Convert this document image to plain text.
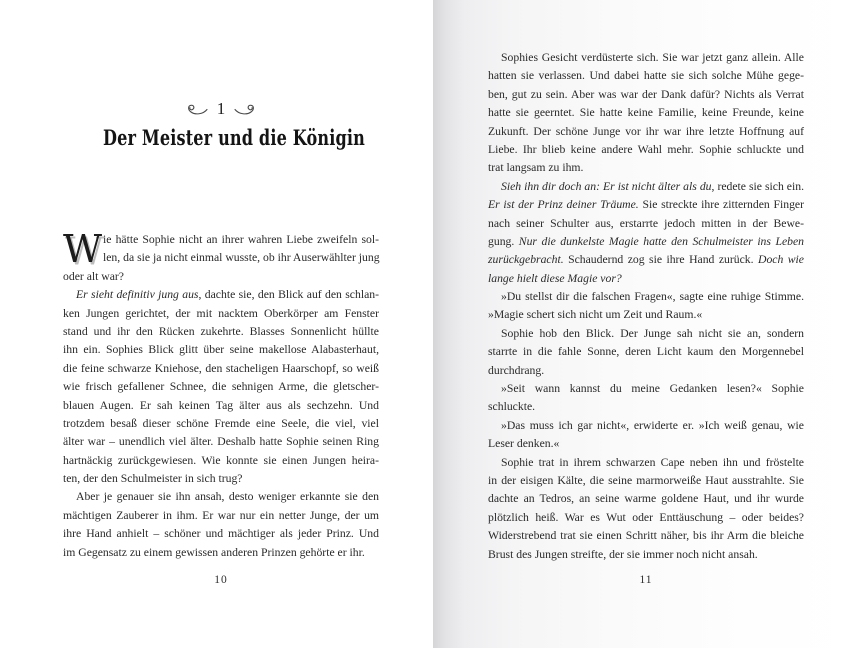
1
Der Meister und die Königin
W ie hätte Sophie nicht an ihrer wahren Liebe zweifeln sol-
len, da sie ja nicht einmal wusste, ob ihr Auserwählter jung
oder alt war?
Er sieht definitiv jung aus, dachte sie, den Blick auf den schlan-
ken Jungen gerichtet, der mit nacktem Oberkörper am Fenster
stand und ihr den Rücken zukehrte. Blasses Sonnenlicht hüllte
ihn ein. Sophies Blick glitt über seine makellose Alabasterhaut,
die feine schwarze Kniehose, den stacheligen Haarschopf, so weiß
wie frisch gefallener Schnee, die sehnigen Arme, die gletscher-
blauen Augen. Er sah keinen Tag älter aus als sechzehn. Und
trotzdem besaß dieser schöne Fremde eine Seele, die viel, viel
älter war – unendlich viel älter. Deshalb hatte Sophie seinen Ring
hartnäckig zurückgewiesen. Wie konnte sie einen Jungen heira-
ten, der den Schulmeister in sich trug?
Aber je genauer sie ihn ansah, desto weniger erkannte sie den
mächtigen Zauberer in ihm. Er war nur ein netter Junge, der um
ihre Hand anhielt – schöner und mächtiger als jeder Prinz. Und
im Gegensatz zu einem gewissen anderen Prinzen gehörte er ihr.
10
Sophies Gesicht verdüsterte sich. Sie war jetzt ganz allein. Alle
hatten sie verlassen. Und dabei hatte sie sich solche Mühe gege-
ben, gut zu sein. Aber was war der Dank dafür? Nichts als Verrat
hatte sie geerntet. Sie hatte keine Familie, keine Freunde, keine
Zukunft. Der schöne Junge vor ihr war ihre letzte Hoffnung auf
Liebe. Ihr blieb keine andere Wahl mehr. Sophie schluckte und
trat langsam zu ihm.
Sieh ihn dir doch an: Er ist nicht älter als du, redete sie sich ein.
Er ist der Prinz deiner Träume. Sie streckte ihre zitternden Finger
nach seiner Schulter aus, erstarrte jedoch mitten in der Bewe-
gung. Nur die dunkelste Magie hatte den Schulmeister ins Leben
zurückgebracht. Schaudernd zog sie ihre Hand zurück. Doch wie
lange hielt diese Magie vor?
»Du stellst dir die falschen Fragen«, sagte eine ruhige Stimme.
»Magie schert sich nicht um Zeit und Raum.«
Sophie hob den Blick. Der Junge sah nicht sie an, sondern
starrte in die fahle Sonne, deren Licht kaum den Morgennebel
durchdrang.
»Seit wann kannst du meine Gedanken lesen?« Sophie
schluckte.
»Das muss ich gar nicht«, erwiderte er. »Ich weiß genau, wie
Leser denken.«
Sophie trat in ihrem schwarzen Cape neben ihn und fröstelte
in der eisigen Kälte, die seine marmorweiße Haut ausstrahlte. Sie
dachte an Tedros, an seine warme goldene Haut, und ihr wurde
plötzlich heiß. War es Wut oder Enttäuschung – oder beides?
Widerstrebend trat sie einen Schritt näher, bis ihr Arm die bleiche
Brust des Jungen streifte, der sie immer noch nicht ansah.
11
